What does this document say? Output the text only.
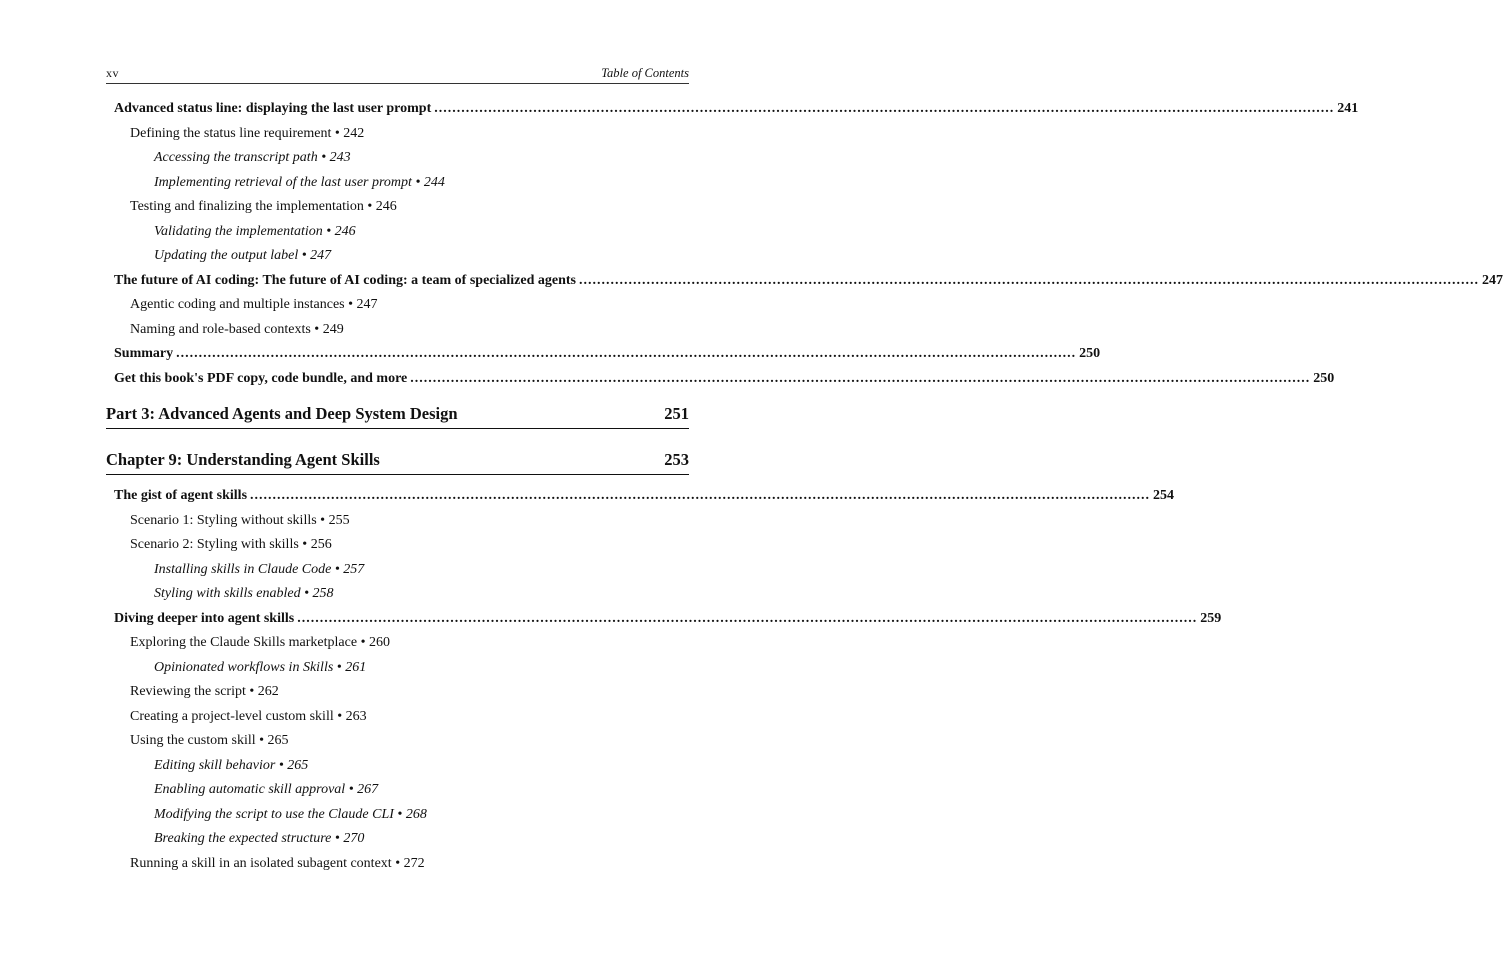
xv	Table of Contents
Advanced status line: displaying the last user prompt ........................................................................................................................................................................................................ 241
Defining the status line requirement • 242
Accessing the transcript path • 243
Implementing retrieval of the last user prompt • 244
Testing and finalizing the implementation • 246
Validating the implementation • 246
Updating the output label • 247
The future of AI coding: The future of AI coding: a team of specialized agents ........................................................................................................................................................................................................ 247
Agentic coding and multiple instances • 247
Naming and role-based contexts • 249
Summary ........................................................................................................................................................................................................ 250
Get this book's PDF copy, code bundle, and more ........................................................................................................................................................................................................ 250
Part 3: Advanced Agents and Deep System Design	251
Chapter 9: Understanding Agent Skills	253
The gist of agent skills ........................................................................................................................................................................................................ 254
Scenario 1: Styling without skills • 255
Scenario 2: Styling with skills • 256
Installing skills in Claude Code • 257
Styling with skills enabled • 258
Diving deeper into agent skills ........................................................................................................................................................................................................ 259
Exploring the Claude Skills marketplace • 260
Opinionated workflows in Skills • 261
Reviewing the script • 262
Creating a project-level custom skill • 263
Using the custom skill • 265
Editing skill behavior • 265
Enabling automatic skill approval • 267
Modifying the script to use the Claude CLI • 268
Breaking the expected structure • 270
Running a skill in an isolated subagent context • 272
